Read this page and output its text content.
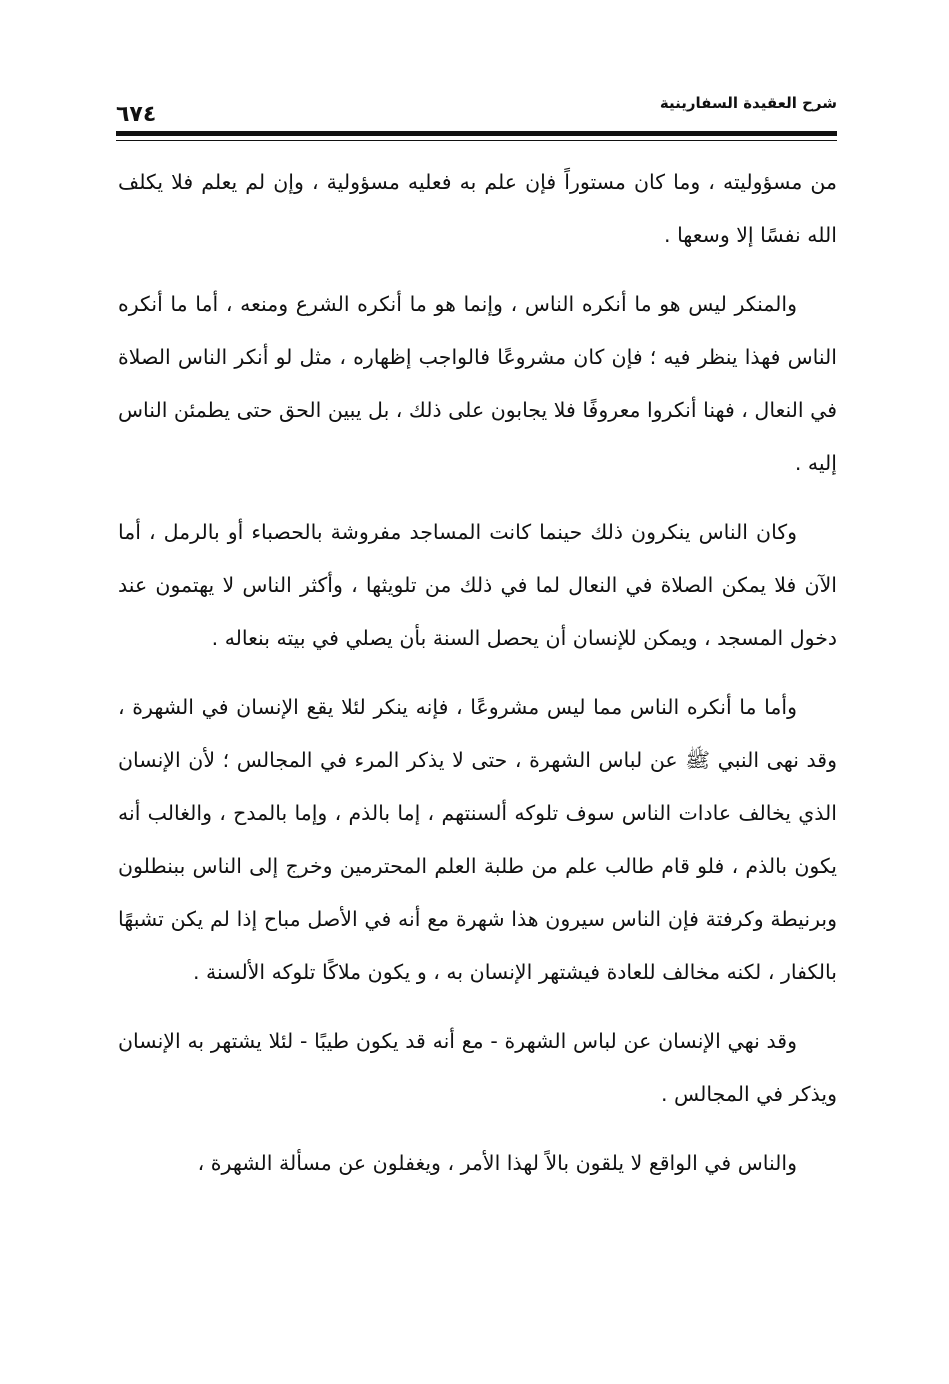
شرح العقيدة السفارينية
٦٧٤

من مسؤوليته ، وما كان مستوراً فإن علم به فعليه مسؤولية ، وإن لم يعلم فلا يكلف الله نفسًا إلا وسعها .

والمنكر ليس هو ما أنكره الناس ، وإنما هو ما أنكره الشرع ومنعه ، أما ما أنكره الناس فهذا ينظر فيه ؛ فإن كان مشروعًا فالواجب إظهاره ، مثل لو أنكر الناس الصلاة في النعال ، فهنا أنكروا معروفًا فلا يجابون على ذلك ، بل يبين الحق حتى يطمئن الناس إليه .

وكان الناس ينكرون ذلك حينما كانت المساجد مفروشة بالحصباء أو بالرمل ، أما الآن فلا يمكن الصلاة في النعال لما في ذلك من تلويثها ، وأكثر الناس لا يهتمون عند دخول المسجد ، ويمكن للإنسان أن يحصل السنة بأن يصلي في بيته بنعاله .

وأما ما أنكره الناس مما ليس مشروعًا ، فإنه ينكر لئلا يقع الإنسان في الشهرة ، وقد نهى النبي ﷺ عن لباس الشهرة ، حتى لا يذكر المرء في المجالس ؛ لأن الإنسان الذي يخالف عادات الناس سوف تلوكه ألسنتهم ، إما بالذم ، وإما بالمدح ، والغالب أنه يكون بالذم ، فلو قام طالب علم من طلبة العلم المحترمين وخرج إلى الناس ببنطلون وبرنيطة وكرفتة فإن الناس سيرون هذا شهرة مع أنه في الأصل مباح إذا لم يكن تشبهًا بالكفار ، لكنه مخالف للعادة فيشتهر الإنسان به ، و يكون ملاكًا تلوكه الألسنة .

وقد نهي الإنسان عن لباس الشهرة - مع أنه قد يكون طيبًا - لئلا يشتهر به الإنسان ويذكر في المجالس .

والناس في الواقع لا يلقون بالاً لهذا الأمر ، ويغفلون عن مسألة الشهرة ،
